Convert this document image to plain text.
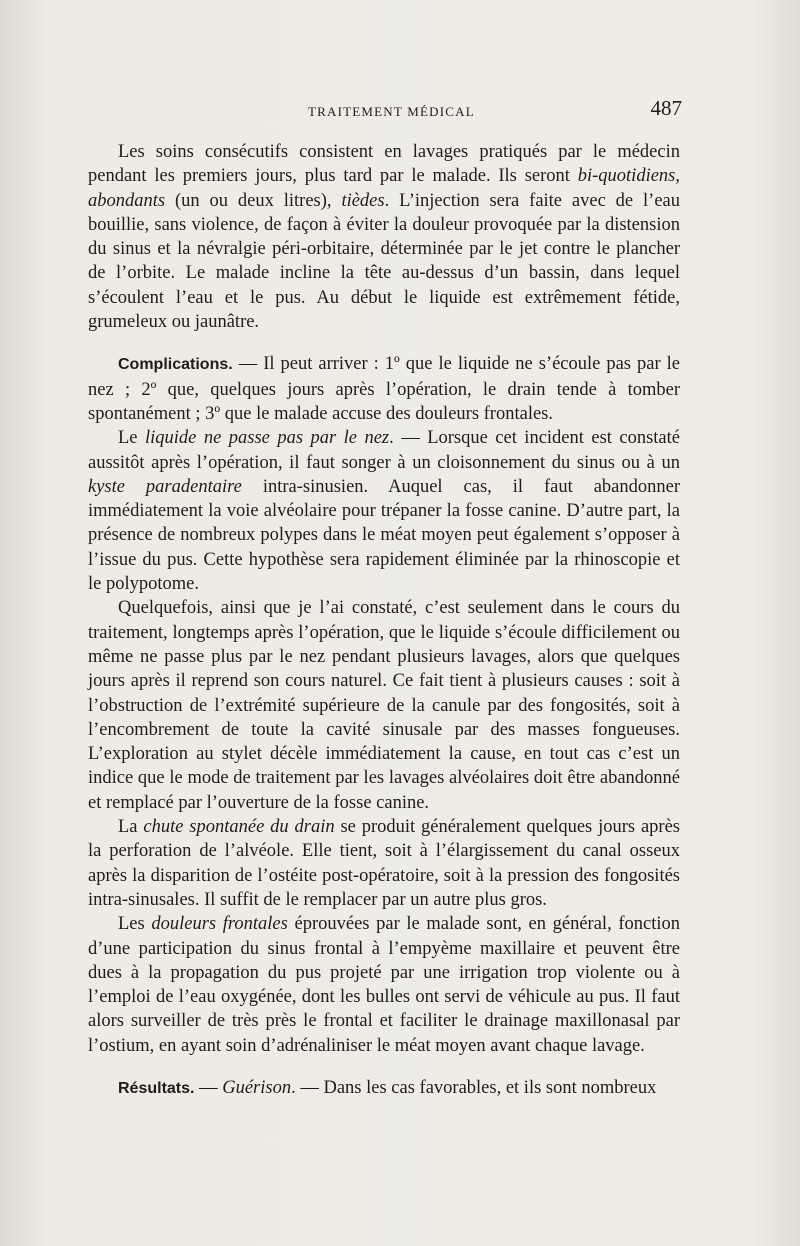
TRAITEMENT MÉDICAL	487

Les soins consécutifs consistent en lavages pratiqués par le médecin pendant les premiers jours, plus tard par le malade. Ils seront bi-quotidiens, abondants (un ou deux litres), tièdes. L’injection sera faite avec de l’eau bouillie, sans violence, de façon à éviter la douleur provoquée par la distension du sinus et la névralgie péri-orbitaire, déterminée par le jet contre le plancher de l’orbite. Le malade incline la tête au-dessus d’un bassin, dans lequel s’écoulent l’eau et le pus. Au début le liquide est extrêmement fétide, grumeleux ou jaunâtre.

Complications. — Il peut arriver : 1º que le liquide ne s’écoule pas par le nez ; 2º que, quelques jours après l’opération, le drain tende à tomber spontanément ; 3º que le malade accuse des douleurs frontales.

Le liquide ne passe pas par le nez. — Lorsque cet incident est constaté aussitôt après l’opération, il faut songer à un cloisonnement du sinus ou à un kyste paradentaire intra-sinusien. Auquel cas, il faut abandonner immédiatement la voie alvéolaire pour trépaner la fosse canine. D’autre part, la présence de nombreux polypes dans le méat moyen peut également s’opposer à l’issue du pus. Cette hypothèse sera rapidement éliminée par la rhinoscopie et le polypotome.

Quelquefois, ainsi que je l’ai constaté, c’est seulement dans le cours du traitement, longtemps après l’opération, que le liquide s’écoule difficilement ou même ne passe plus par le nez pendant plusieurs lavages, alors que quelques jours après il reprend son cours naturel. Ce fait tient à plusieurs causes : soit à l’obstruction de l’extrémité supérieure de la canule par des fongosités, soit à l’encombrement de toute la cavité sinusale par des masses fongueuses. L’exploration au stylet décèle immédiatement la cause, en tout cas c’est un indice que le mode de traitement par les lavages alvéolaires doit être abandonné et remplacé par l’ouverture de la fosse canine.

La chute spontanée du drain se produit généralement quelques jours après la perforation de l’alvéole. Elle tient, soit à l’élargissement du canal osseux après la disparition de l’ostéite post-opératoire, soit à la pression des fongosités intra-sinusales. Il suffit de le remplacer par un autre plus gros.

Les douleurs frontales éprouvées par le malade sont, en général, fonction d’une participation du sinus frontal à l’empyème maxillaire et peuvent être dues à la propagation du pus projeté par une irrigation trop violente ou à l’emploi de l’eau oxygénée, dont les bulles ont servi de véhicule au pus. Il faut alors surveiller de très près le frontal et faciliter le drainage maxillonasal par l’ostium, en ayant soin d’adrénaliniser le méat moyen avant chaque lavage.

Résultats. — Guérison. — Dans les cas favorables, et ils sont nombreux
